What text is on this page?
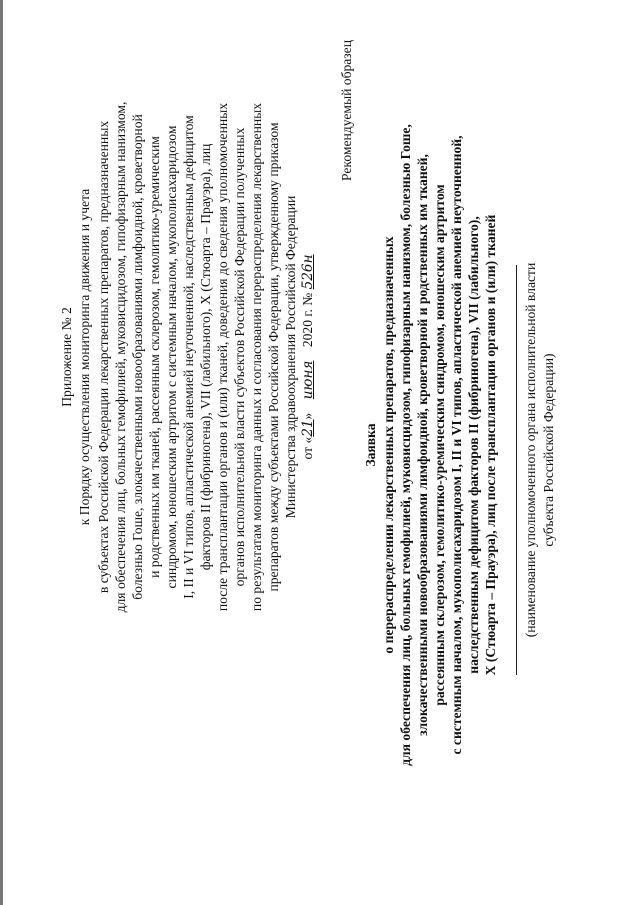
Приложение № 2 к Порядку осуществления мониторинга движения и учета в субъектах Российской Федерации лекарственных препаратов, предназначенных для обеспечения лиц, больных гемофилией, муковисцидозом, гипофизарным нанизмом, болезнью Гоше, злокачественными новообразованиями лимфоидной, кроветворной и родственных им тканей, рассеянным склерозом, гемолитико-уремическим синдромом, юношеским артритом с системным началом, мукополисахаридозом I, II и VI типов, апластической анемией неуточненной, наследственным дефицитом факторов II (фибриногена), VII (лабильного), X (Стюарта – Прауэра), лиц после трансплантации органов и (или) тканей, доведения до сведения уполномоченных органов исполнительной власти субъектов Российской Федерации полученных по результатам мониторинга данных и согласования перераспределения лекарственных препаратов между субъектами Российской Федерации, утвержденному приказом Министерства здравоохранения Российской Федерации от «21» июня 2020 г. № 526н
Рекомендуемый образец
Заявка о перераспределении лекарственных препаратов, предназначенных для обеспечения лиц, больных гемофилией, муковисцидозом, гипофизарным нанизмом, болезнью Гоше, злокачественными новообразованиями лимфоидной, кроветворной и родственных им тканей, рассеянным склерозом, гемолитико-уремическим синдромом, юношеским артритом с системным началом, мукополисахаридозом I, II и VI типов, апластической анемией неуточненной, наследственным дефицитом факторов II (фибриногена), VII (лабильного), X (Стюарта – Прауэра), лиц после трансплантации органов и (или) тканей (наименование уполномоченного органа исполнительной власти субъекта Российской Федерации)
